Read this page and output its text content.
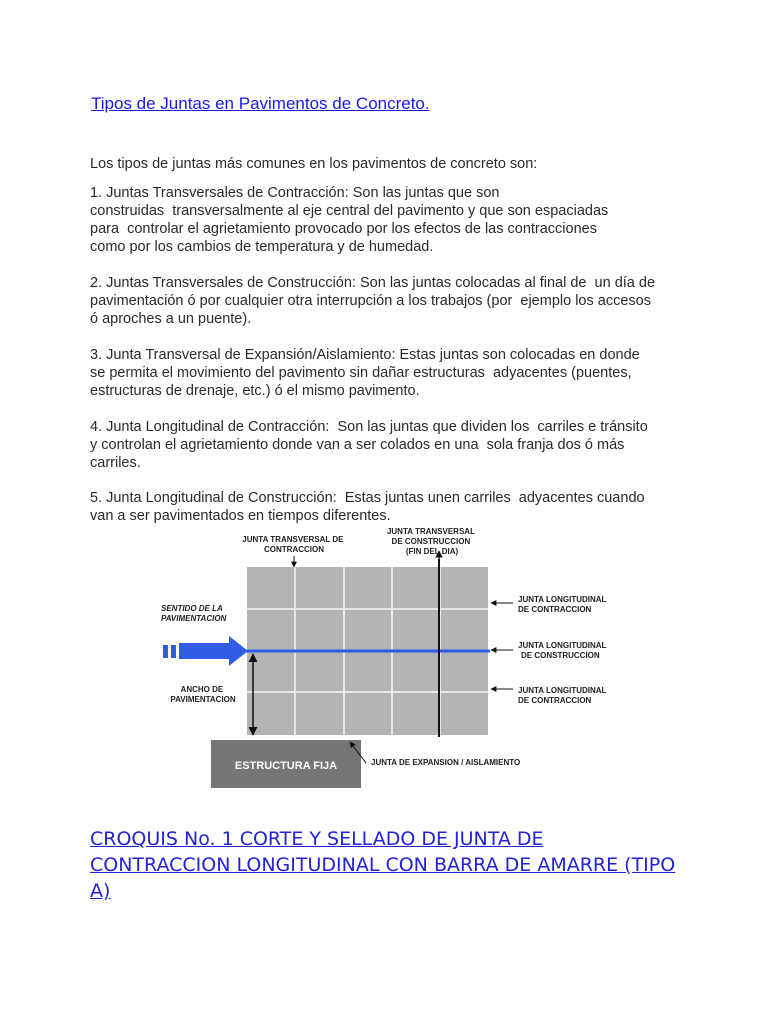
Tipos de Juntas en Pavimentos de Concreto.
Los tipos de juntas más comunes en los pavimentos de concreto son:
1. Juntas Transversales de Contracción: Son las juntas que son
construidas  transversalmente al eje central del pavimento y que son espaciadas
para  controlar el agrietamiento provocado por los efectos de las contracciones
como por los cambios de temperatura y de humedad.
2. Juntas Transversales de Construcción: Son las juntas colocadas al final de  un día de
pavimentación ó por cualquier otra interrupción a los trabajos (por  ejemplo los accesos
ó aproches a un puente).
3. Junta Transversal de Expansión/Aislamiento: Estas juntas son colocadas en donde
se permita el movimiento del pavimento sin dañar estructuras  adyacentes (puentes,
estructuras de drenaje, etc.) ó el mismo pavimento.
4. Junta Longitudinal de Contracción:  Son las juntas que dividen los  carriles e tránsito
y controlan el agrietamiento donde van a ser colados en una  sola franja dos ó más
carriles.
5. Junta Longitudinal de Construcción:  Estas juntas unen carriles  adyacentes cuando
van a ser pavimentados en tiempos diferentes.
JUNTA TRANSVERSAL DE CONTRACCION
JUNTA TRANSVERSAL DE CONSTRUCCION (FIN DEL DIA)
SENTIDO DE LA PAVIMENTACION
JUNTA LONGITUDINAL DE CONTRACCION
JUNTA LONGITUDINAL DE CONSTRUCCION
JUNTA LONGITUDINAL DE CONTRACCION
ANCHO DE PAVIMENTACION
ESTRUCTURA FIJA	JUNTA DE EXPANSION / AISLAMIENTO
CROQUIS No. 1 CORTE Y SELLADO DE JUNTA DE
CONTRACCION LONGITUDINAL CON BARRA DE AMARRE (TIPO
A)
